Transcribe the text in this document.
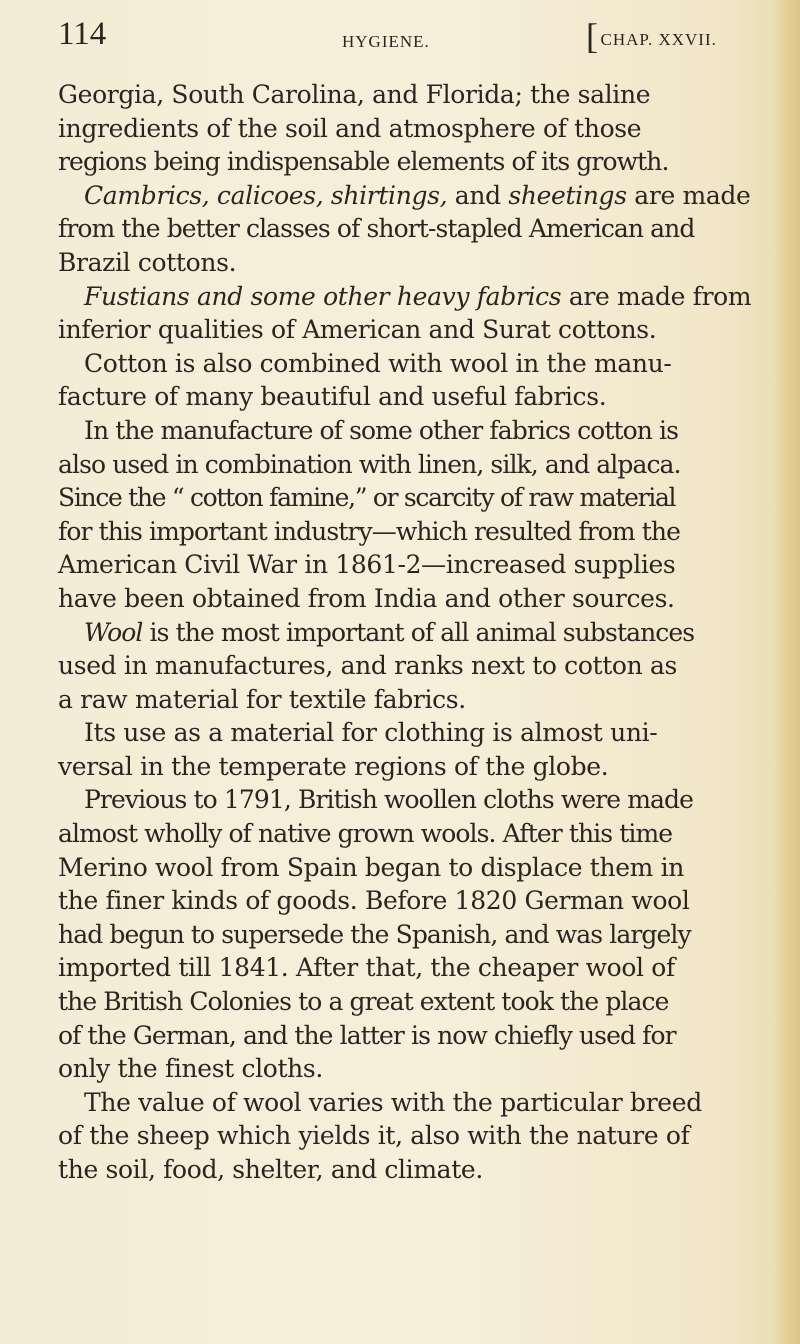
114	HYGIENE.	[ CHAP. XXVII.
Georgia, South Carolina, and Florida; the saline
ingredients of the soil and atmosphere of those
regions being indispensable elements of its growth.
Cambrics, calicoes, shirtings, and sheetings are made
from the better classes of short-stapled American and
Brazil cottons.
Fustians and some other heavy fabrics are made from
inferior qualities of American and Surat cottons.
Cotton is also combined with wool in the manu-
facture of many beautiful and useful fabrics.
In the manufacture of some other fabrics cotton is
also used in combination with linen, silk, and alpaca.
Since the “ cotton famine,” or scarcity of raw material
for this important industry—which resulted from the
American Civil War in 1861-2—increased supplies
have been obtained from India and other sources.
Wool is the most important of all animal substances
used in manufactures, and ranks next to cotton as
a raw material for textile fabrics.
Its use as a material for clothing is almost uni-
versal in the temperate regions of the globe.
Previous to 1791, British woollen cloths were made
almost wholly of native grown wools. After this time
Merino wool from Spain began to displace them in
the finer kinds of goods. Before 1820 German wool
had begun to supersede the Spanish, and was largely
imported till 1841. After that, the cheaper wool of
the British Colonies to a great extent took the place
of the German, and the latter is now chiefly used for
only the finest cloths.
The value of wool varies with the particular breed
of the sheep which yields it, also with the nature of
the soil, food, shelter, and climate.
